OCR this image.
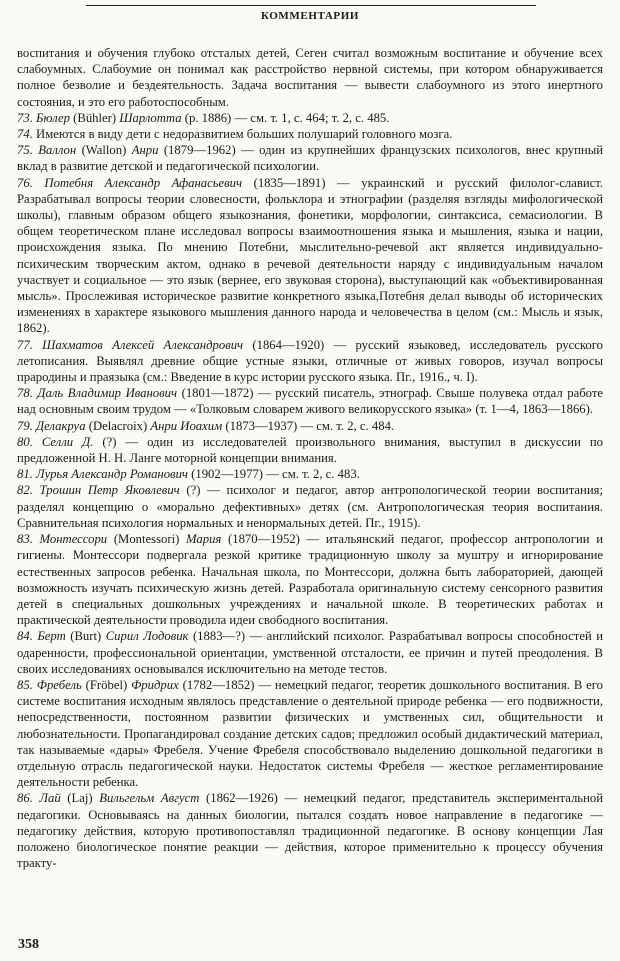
КОММЕНТАРИИ

воспитания и обучения глубоко отсталых детей, Сеген считал возможным воспитание и обучение всех слабоумных. Слабоумие он понимал как расстройство нервной системы, при котором обнаруживается полное безволие и бездеятельность. Задача воспитания — вывести слабоумного из этого инертного состояния, и это его работоспособным.

73. Бюлер (Bühler) Шарлотта (р. 1886) — см. т. 1, с. 464; т. 2, с. 485.

74. Имеются в виду дети с недоразвитием больших полушарий головного мозга.

75. Валлон (Wallon) Анри (1879—1962) — один из крупнейших французских психологов, внес крупный вклад в развитие детской и педагогической психологии.

76. Потебня Александр Афанасьевич (1835—1891) — украинский и русский филолог-славист. Разрабатывал вопросы теории словесности, фольклора и этнографии (разделяя взгляды мифологической школы), главным образом общего языкознания, фонетики, морфологии, синтаксиса, семасиологии. В общем теоретическом плане исследовал вопросы взаимоотношения языка и мышления, языка и нации, происхождения языка. По мнению Потебни, мыслительно-речевой акт является индивидуально-психическим творческим актом, однако в речевой деятельности наряду с индивидуальным началом участвует и социальное — это язык (вернее, его звуковая сторона), выступающий как «объективированная мысль». Прослеживая историческое развитие конкретного языка,Потебня делал выводы об исторических изменениях в характере языкового мышления данного народа и человечества в целом (см.: Мысль и язык, 1862).

77. Шахматов Алексей Александрович (1864—1920) — русский языковед, исследователь русского летописания. Выявлял древние общие устные языки, отличные от живых говоров, изучал вопросы прародины и праязыка (см.: Введение в курс истории русского языка. Пг., 1916., ч. I).

78. Даль Владимир Иванович (1801—1872) — русский писатель, этнограф. Свыше полувека отдал работе над основным своим трудом — «Толковым словарем живого великорусского языка» (т. 1—4, 1863—1866).

79. Делакруа (Delacroix) Анри Иоахим (1873—1937) — см. т. 2, с. 484.

80. Селли Д. (?) — один из исследователей произвольного внимания, выступил в дискуссии по предложенной Н. Н. Ланге моторной концепции внимания.

81. Лурья Александр Романович (1902—1977) — см. т. 2, с. 483.

82. Трошин Петр Яковлевич (?) — психолог и педагог, автор антропологической теории воспитания; разделял концепцию о «морально дефективных» детях (см. Антропологическая теория воспитания. Сравнительная психология нормальных и ненормальных детей. Пг., 1915).

83. Монтессори (Montessori) Мария (1870—1952) — итальянский педагог, профессор антропологии и гигиены. Монтессори подвергала резкой критике традиционную школу за муштру и игнорирование естественных запросов ребенка. Начальная школа, по Монтессори, должна быть лабораторией, дающей возможность изучать психическую жизнь детей. Разработала оригинальную систему сенсорного развития детей в специальных дошкольных учреждениях и начальной школе. В теоретических работах и практической деятельности проводила идеи свободного воспитания.

84. Берт (Burt) Сирил Лодовик (1883—?) — английский психолог. Разрабатывал вопросы способностей и одаренности, профессиональной ориентации, умственной отсталости, ее причин и путей преодоления. В своих исследованиях основывался исключительно на методе тестов.

85. Фребель (Fröbel) Фридрих (1782—1852) — немецкий педагог, теоретик дошкольного воспитания. В его системе воспитания исходным являлось представление о деятельной природе ребенка — его подвижности, непосредственности, постоянном развитии физических и умственных сил, общительности и любознательности. Пропагандировал создание детских садов; предложил особый дидактический материал, так называемые «дары» Фребеля. Учение Фребеля способствовало выделению дошкольной педагогики в отдельную отрасль педагогической науки. Недостаток системы Фребеля — жесткое регламентирование деятельности ребенка.

86. Лай (Laj) Вильгельм Август (1862—1926) — немецкий педагог, представитель экспериментальной педагогики. Основываясь на данных биологии, пытался создать новое направление в педагогике — педагогику действия, которую противопоставлял традиционной педагогике. В основу концепции Лая положено биологическое понятие реакции — действия, которое применительно к процессу обучения тракту-

358
